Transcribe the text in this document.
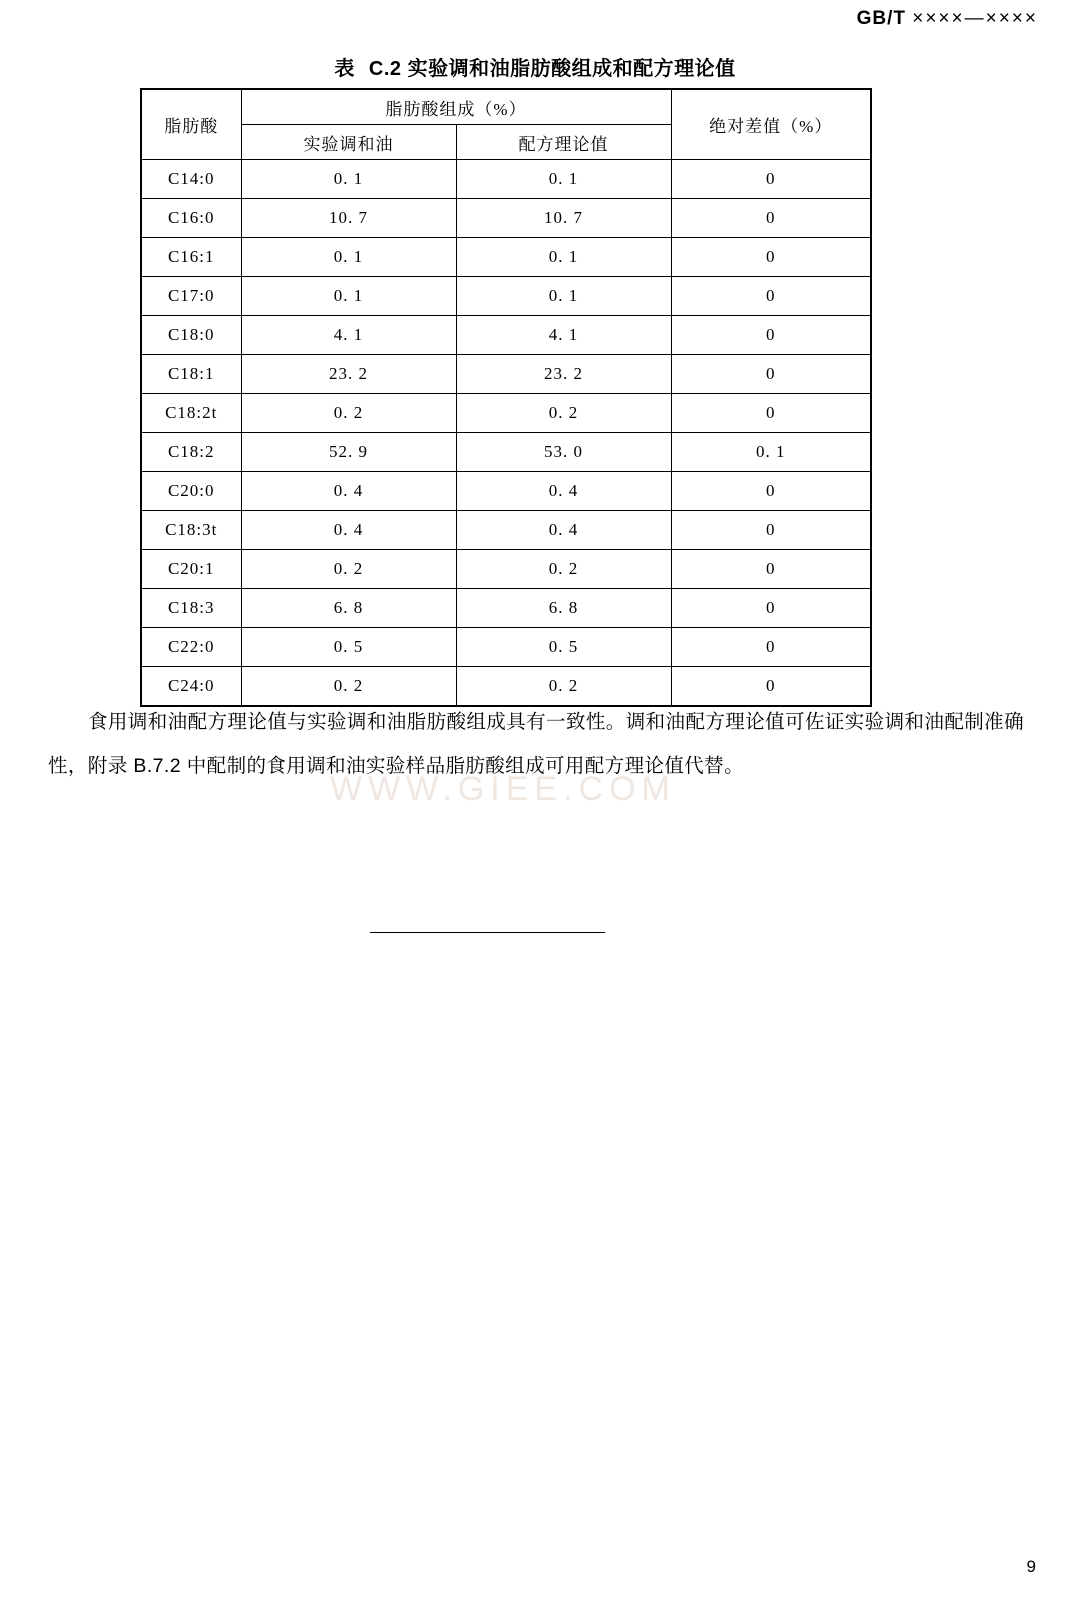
GB/T ××××—××××
表 C.2 实验调和油脂肪酸组成和配方理论值
脂肪酸	脂肪酸组成（%）		绝对差值（%）
	实验调和油	配方理论值	
C14:0	0. 1	0. 1	0
C16:0	10. 7	10. 7	0
C16:1	0. 1	0. 1	0
C17:0	0. 1	0. 1	0
C18:0	4. 1	4. 1	0
C18:1	23. 2	23. 2	0
C18:2t	0. 2	0. 2	0
C18:2	52. 9	53. 0	0. 1
C20:0	0. 4	0. 4	0
C18:3t	0. 4	0. 4	0
C20:1	0. 2	0. 2	0
C18:3	6. 8	6. 8	0
C22:0	0. 5	0. 5	0
C24:0	0. 2	0. 2	0
WWW.GIEE.COM
食用调和油配方理论值与实验调和油脂肪酸组成具有一致性。调和油配方理论值可佐证实验调和油配制准确性，附录 B.7.2 中配制的食用调和油实验样品脂肪酸组成可用配方理论值代替。
9
